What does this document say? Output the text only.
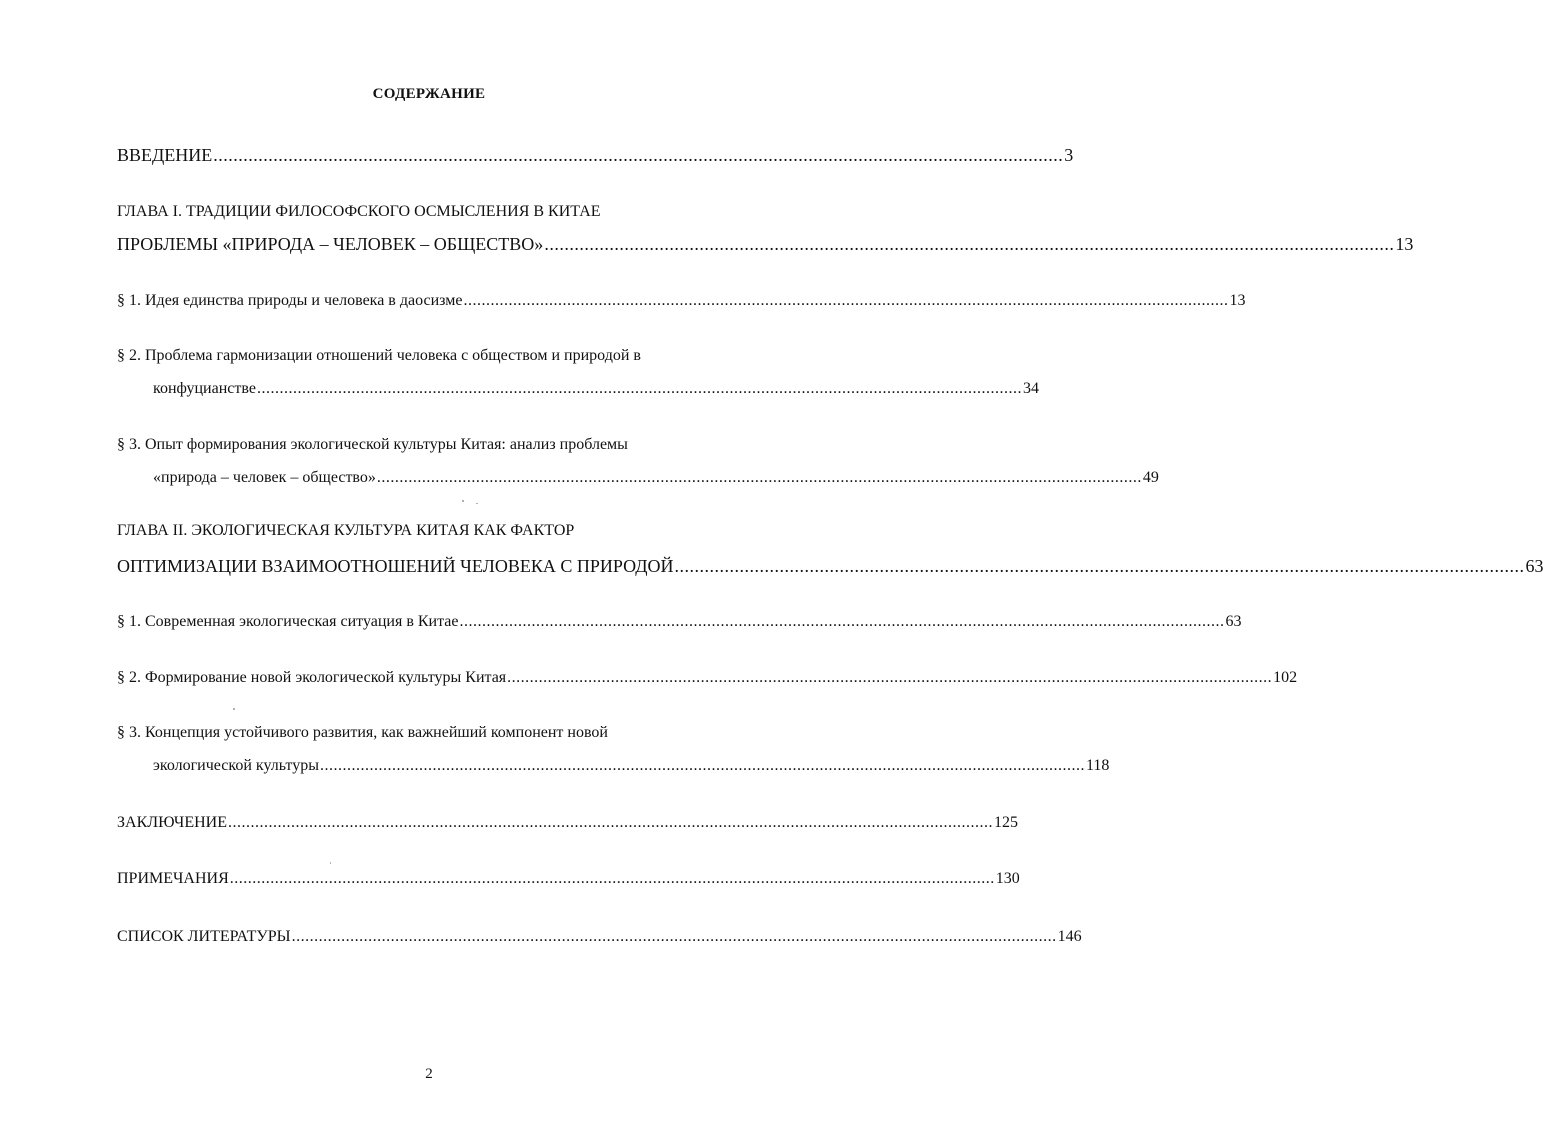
СОДЕРЖАНИЕ
ВВЕДЕНИЕ .......................................................................................................................................................................... 3
ГЛАВА I. ТРАДИЦИИ ФИЛОСОФСКОГО ОСМЫСЛЕНИЯ В КИТАЕ
ПРОБЛЕМЫ «ПРИРОДА – ЧЕЛОВЕК – ОБЩЕСТВО» .......................................................................................................................................................................... 13
§ 1. Идея единства природы и человека в даосизме .......................................................................................................................................................................... 13
§ 2. Проблема гармонизации отношений человека с обществом и природой в
конфуцианстве .......................................................................................................................................................................... 34
§ 3. Опыт формирования экологической культуры Китая: анализ проблемы
«природа – человек – общество» .......................................................................................................................................................................... 49
ГЛАВА II. ЭКОЛОГИЧЕСКАЯ КУЛЬТУРА КИТАЯ КАК ФАКТОР
ОПТИМИЗАЦИИ ВЗАИМООТНОШЕНИЙ ЧЕЛОВЕКА С ПРИРОДОЙ .......................................................................................................................................................................... 63
§ 1. Современная экологическая ситуация в Китае .......................................................................................................................................................................... 63
§ 2. Формирование новой экологической культуры Китая .......................................................................................................................................................................... 102
§ 3. Концепция устойчивого развития, как важнейший компонент новой
экологической культуры .......................................................................................................................................................................... 118
ЗАКЛЮЧЕНИЕ .......................................................................................................................................................................... 125
ПРИМЕЧАНИЯ .......................................................................................................................................................................... 130
СПИСОК ЛИТЕРАТУРЫ .......................................................................................................................................................................... 146
2
